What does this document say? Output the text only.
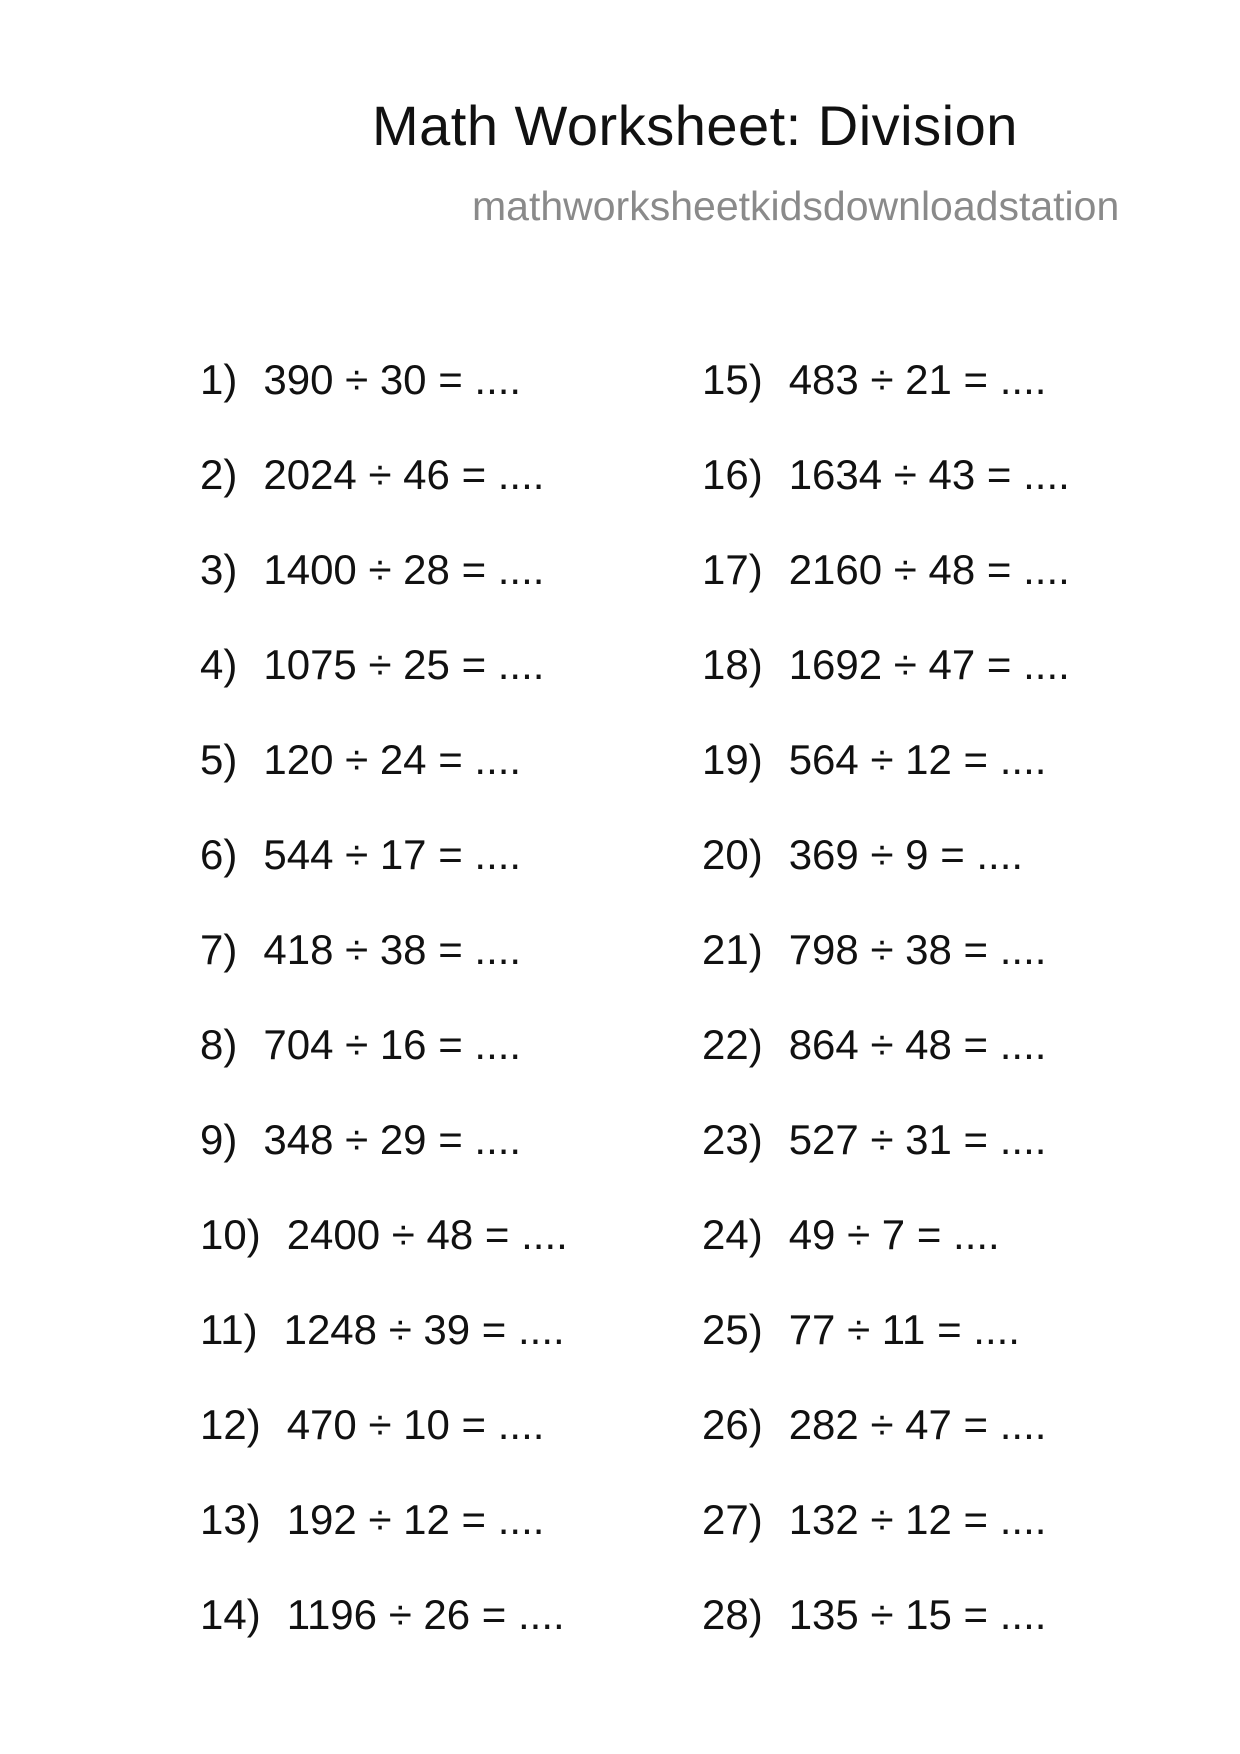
Math Worksheet: Division
mathworksheetkidsdownloadstation
1) 390 ÷ 30 = ....
2) 2024 ÷ 46 = ....
3) 1400 ÷ 28 = ....
4) 1075 ÷ 25 = ....
5) 120 ÷ 24 = ....
6) 544 ÷ 17 = ....
7) 418 ÷ 38 = ....
8) 704 ÷ 16 = ....
9) 348 ÷ 29 = ....
10) 2400 ÷ 48 = ....
11) 1248 ÷ 39 = ....
12) 470 ÷ 10 = ....
13) 192 ÷ 12 = ....
14) 1196 ÷ 26 = ....
15) 483 ÷ 21 = ....
16) 1634 ÷ 43 = ....
17) 2160 ÷ 48 = ....
18) 1692 ÷ 47 = ....
19) 564 ÷ 12 = ....
20) 369 ÷ 9 = ....
21) 798 ÷ 38 = ....
22) 864 ÷ 48 = ....
23) 527 ÷ 31 = ....
24) 49 ÷ 7 = ....
25) 77 ÷ 11 = ....
26) 282 ÷ 47 = ....
27) 132 ÷ 12 = ....
28) 135 ÷ 15 = ....
